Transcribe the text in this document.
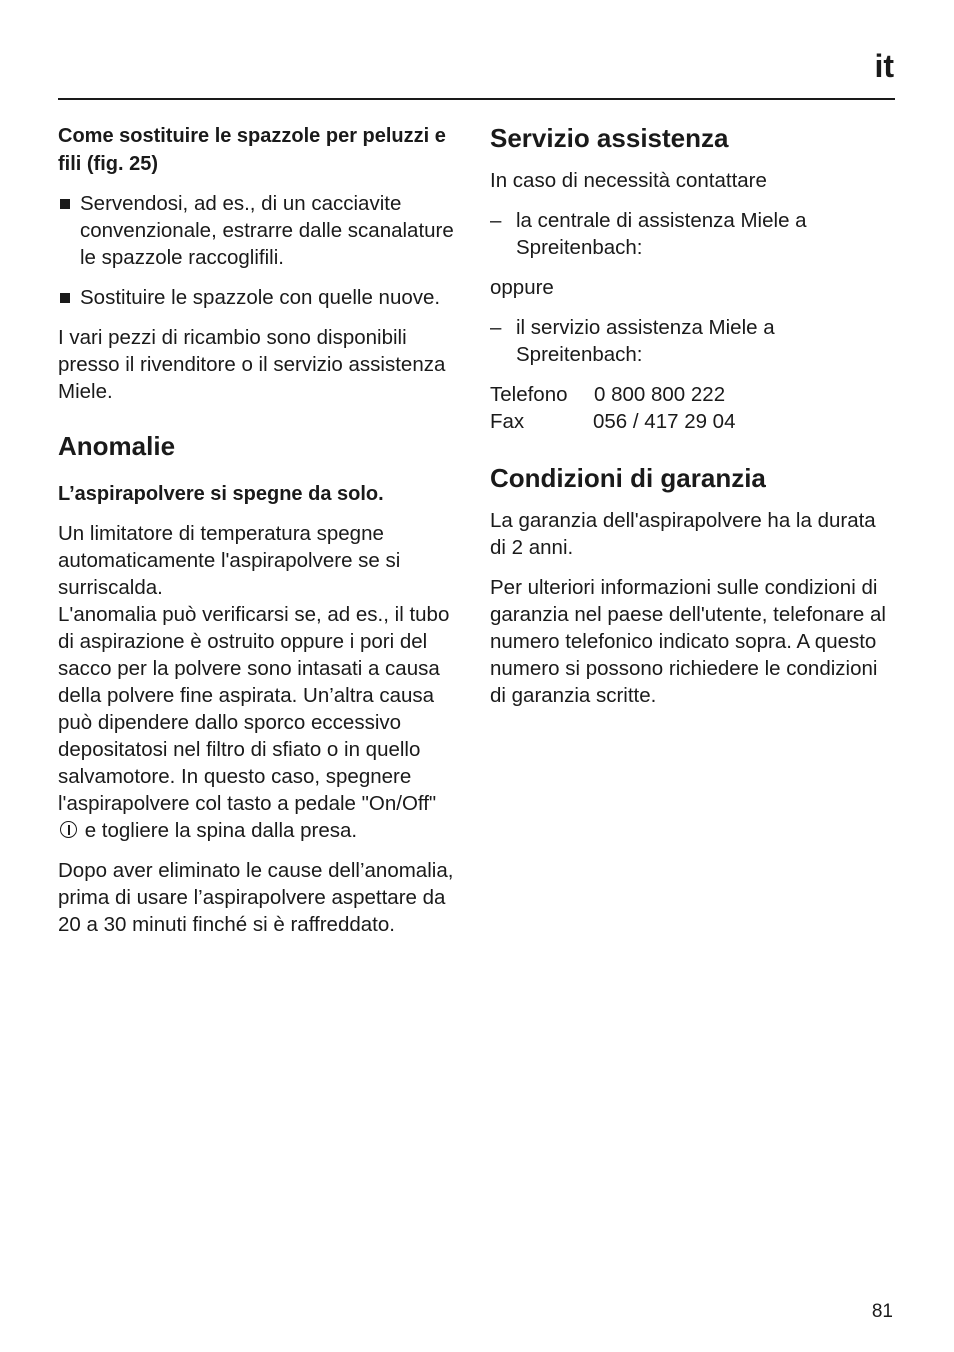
it
Come sostituire le spazzole per peluzzi e fili (fig. 25)
Servendosi, ad es., di un cacciavite convenzionale, estrarre dalle scanalature le spazzole raccoglifili.
Sostituire le spazzole con quelle nuove.

I vari pezzi di ricambio sono disponibili presso il rivenditore o il servizio assistenza Miele.

Anomalie
L’aspirapolvere si spegne da solo.

Un limitatore di temperatura spegne automaticamente l'aspirapolvere se si surriscalda.

L'anomalia può verificarsi se, ad es., il tubo di aspirazione è ostruito oppure i pori del sacco per la polvere sono intasati a causa della polvere fine aspirata. Un’altra causa può dipendere dallo sporco eccessivo depositatosi nel filtro di sfiato o in quello salvamotore. In questo caso, spegnere l'aspirapolvere col tasto a pedale "On/Off"  e togliere la spina dalla presa.

Dopo aver eliminato le cause dell’anomalia, prima di usare l’aspirapolvere aspettare da 20 a 30 minuti finché si è raffreddato.

Servizio assistenza

In caso di necessità contattare

– la centrale di assistenza Miele a Spreitenbach:

oppure

– il servizio assistenza Miele a Spreitenbach:
Telefono	0 800 800 222
Fax	056 / 417 29 04
Condizioni di garanzia

La garanzia dell'aspirapolvere ha la durata di 2 anni.

Per ulteriori informazioni sulle condizioni di garanzia nel paese dell'utente, telefonare al numero telefonico indicato sopra. A questo numero si possono richiedere le condizioni di garanzia scritte.

81
